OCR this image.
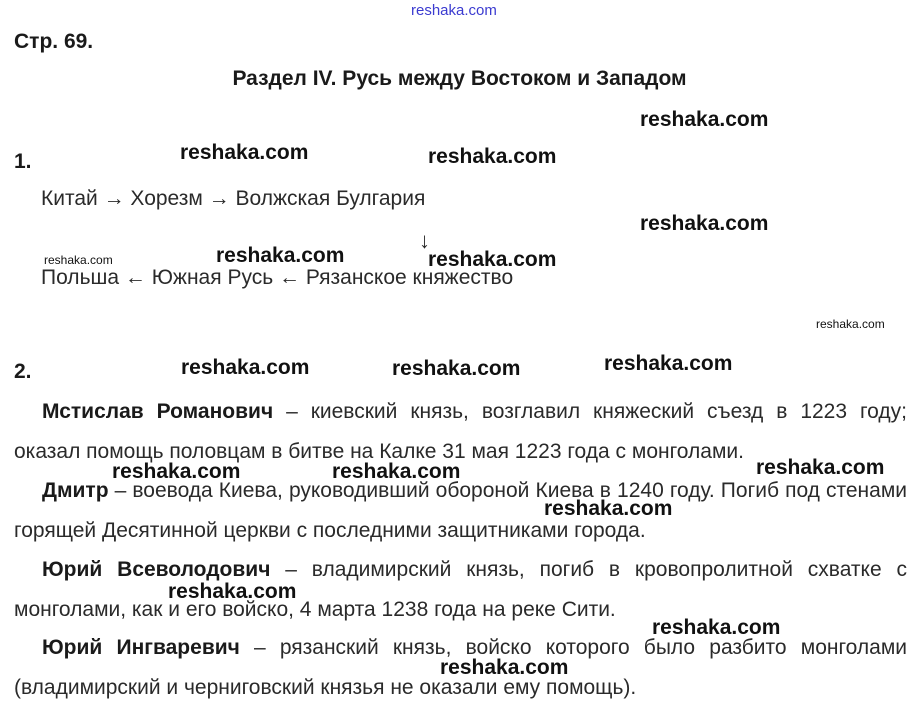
reshaka.com
Стр. 69.
Раздел IV. Русь между Востоком и Западом
1.
Китай → Хорезм → Волжская Булгария
↓
Польша ← Южная Русь ← Рязанское княжество
2.

Мстислав Романович – киевский князь, возглавил княжеский съезд в 1223 году; оказал помощь половцам в битве на Калке 31 мая 1223 года с монголами.

Дмитр – воевода Киева, руководивший обороной Киева в 1240 году. Погиб под стенами горящей Десятинной церкви с последними защитниками города.

Юрий Всеволодович – владимирский князь, погиб в кровопролитной схватке с монголами, как и его войско, 4 марта 1238 года на реке Сити.

Юрий Ингваревич – рязанский князь, войско которого было разбито монголами (владимирский и черниговский князья не оказали ему помощь).

reshaka.com
reshaka.com	reshaka.com
reshaka.com
reshaka.com	reshaka.com	reshaka.com
reshaka.com
reshaka.com	reshaka.com	reshaka.com
reshaka.com	reshaka.com	reshaka.com
reshaka.com
reshaka.com
reshaka.com
reshaka.com
